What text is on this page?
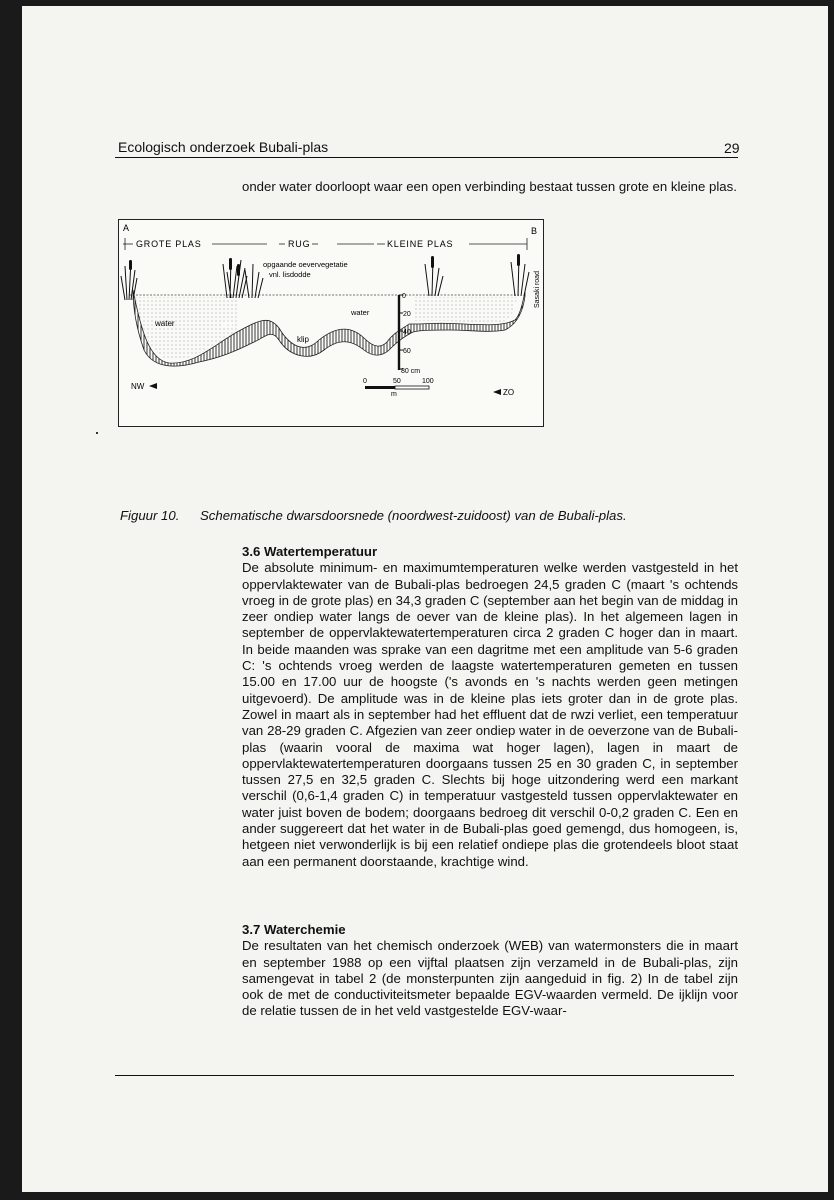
Ecologisch onderzoek Bubali-plas	29
onder water doorloopt waar een open verbinding bestaat tussen grote en kleine plas.
A	B
GROTE PLAS	RUG	KLEINE PLAS
opgaande oevervegetatie
vnl. lisdodde	Sasaki road
water	slib
klip
water
0
20
40
60
80 cm
0	50	100
m
NW
ZO
Figuur 10. Schematische dwarsdoorsnede (noordwest-zuidoost) van de Bubali-plas.
3.6 Watertemperatuur
De absolute minimum- en maximumtemperaturen welke werden vastgesteld in het oppervlaktewater van de Bubali-plas bedroegen 24,5 graden C (maart 's ochtends vroeg in de grote plas) en 34,3 graden C (september aan het begin van de middag in zeer ondiep water langs de oever van de kleine plas). In het algemeen lagen in september de oppervlaktewatertemperaturen circa 2 graden C hoger dan in maart. In beide maanden was sprake van een dagritme met een amplitude van 5-6 graden C: 's ochtends vroeg werden de laagste watertemperaturen gemeten en tussen 15.00 en 17.00 uur de hoogste ('s avonds en 's nachts werden geen metingen uitgevoerd). De amplitude was in de kleine plas iets groter dan in de grote plas. Zowel in maart als in september had het effluent dat de rwzi verliet, een temperatuur van 28-29 graden C. Afgezien van zeer ondiep water in de oeverzone van de Bubali-plas (waarin vooral de maxima wat hoger lagen), lagen in maart de oppervlaktewatertemperaturen doorgaans tussen 25 en 30 graden C, in september tussen 27,5 en 32,5 graden C. Slechts bij hoge uitzondering werd een markant verschil (0,6-1,4 graden C) in temperatuur vastgesteld tussen oppervlaktewater en water juist boven de bodem; doorgaans bedroeg dit verschil 0-0,2 graden C. Een en ander suggereert dat het water in de Bubali-plas goed gemengd, dus homogeen, is, hetgeen niet verwonderlijk is bij een relatief ondiepe plas die grotendeels bloot staat aan een permanent doorstaande, krachtige wind.
3.7 Waterchemie
De resultaten van het chemisch onderzoek (WEB) van watermonsters die in maart en september 1988 op een vijftal plaatsen zijn verzameld in de Bubali-plas, zijn samengevat in tabel 2 (de monsterpunten zijn aangeduid in fig. 2) In de tabel zijn ook de met de conductiviteitsmeter bepaalde EGV-waarden vermeld. De ijklijn voor de relatie tussen de in het veld vastgestelde EGV-waar-
